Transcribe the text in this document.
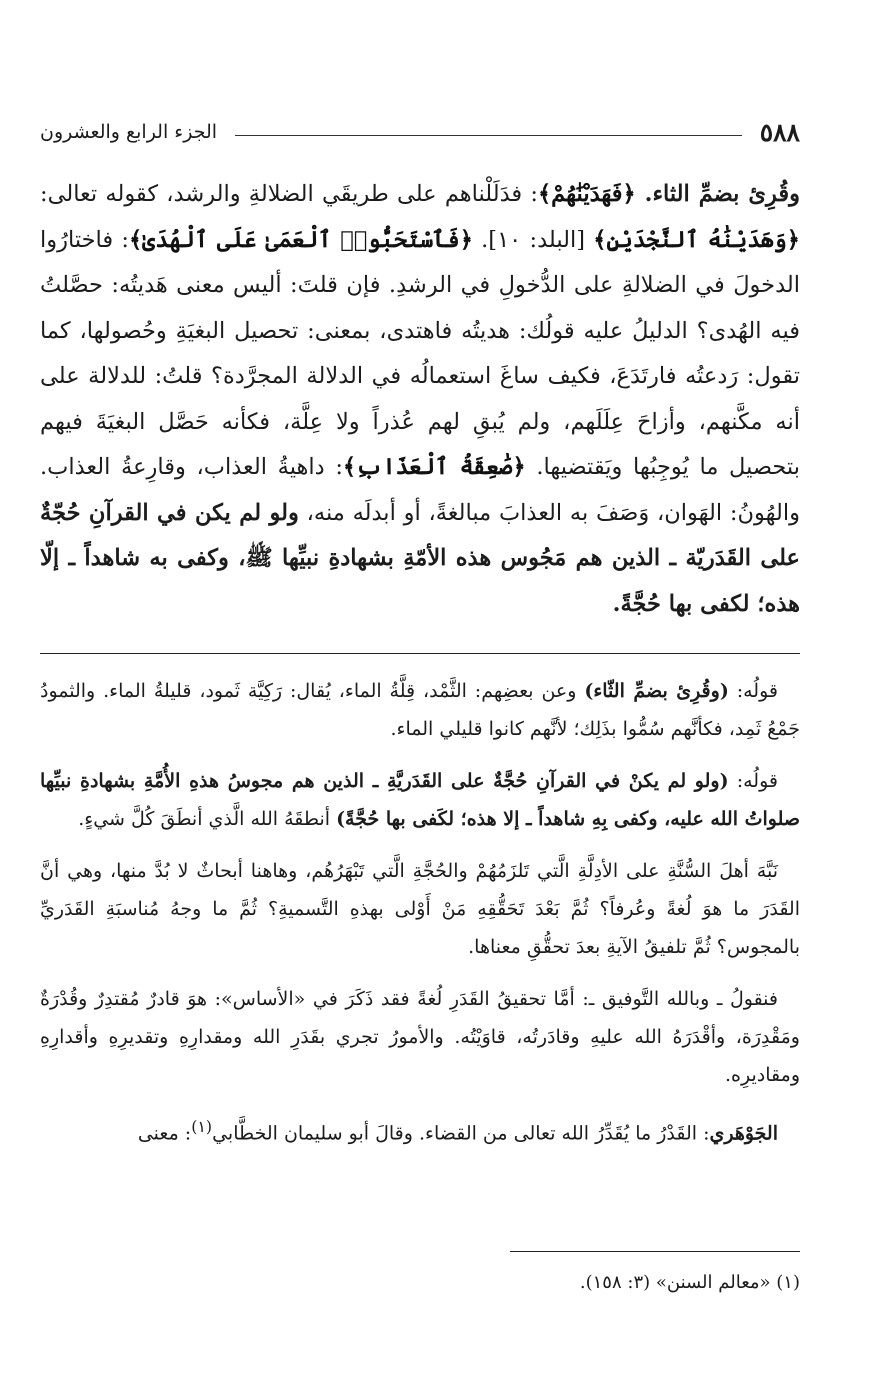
٥٨٨
الجزء الرابع والعشرون

وقُرِئ بضمِّ الثاء. ﴿فَهَدَيْنَٰهُمْ﴾: فدَلَلْناهم على طريقَي الضلالةِ والرشد، كقوله تعالى: ﴿وَهَدَيْنَٰهُ ٱلنَّجْدَيْنِ﴾ [البلد: ١٠]. ﴿فَٱسْتَحَبُّوا۟ ٱلْعَمَىٰ عَلَى ٱلْهُدَىٰ﴾: فاختارُوا الدخولَ في الضلالةِ على الدُّخولِ في الرشدِ. فإن قلتَ: أليس معنى هَديتُه: حصَّلتُ فيه الهُدى؟ الدليلُ عليه قولُك: هديتُه فاهتدى، بمعنى: تحصيل البغيَةِ وحُصولها، كما تقول: رَدعتُه فارتَدَعَ، فكيف ساغَ استعمالُه في الدلالة المجرَّدة؟ قلتُ: للدلالة على أنه مكَّنهم، وأزاحَ عِلَلَهم، ولم يُبقِ لهم عُذراً ولا عِلَّة، فكأنه حَصَّل البغيَةَ فيهم بتحصيل ما يُوجِبُها ويَقتضيها. ﴿صَٰعِقَةُ ٱلْعَذَابِ﴾: داهيةُ العذاب، وقارِعةُ العذاب. والهُونُ: الهَوان، وَصَفَ به العذابَ مبالغةً، أو أبدلَه منه، ولو لم يكن في القرآنِ حُجّةٌ على القَدَريّة ـ الذين هم مَجُوس هذه الأمّةِ بشهادةِ نبيِّها ﷺ، وكفى به شاهداً ـ إلّا هذه؛ لكفى بها حُجَّةً.

قولُه: (وقُرِئ بضمِّ الثّاء) وعن بعضِهم: الثَّمْد، قِلَّةُ الماء، يُقال: رَكِيَّة ثَمود، قليلةُ الماء. والثمودُ جَمْعُ ثَمِد، فكأنَّهم سُمُّوا بذَلِك؛ لأنَّهم كانوا قليلي الماء.

قولُه: (ولو لم يكنْ في القرآنِ حُجَّةٌ على القَدَريَّةِ ـ الذين هم مجوسُ هذهِ الأُمَّةِ بشهادةِ نبيِّها صلواتُ الله عليه، وكفى بِهِ شاهداً ـ إلا هذه؛ لكَفى بها حُجَّةً) أنطقَهُ الله الَّذي أنطَقَ كُلَّ شيءٍ.

نَبَّهَ أهلَ السُّنَّةِ على الأدِلَّةِ الَّتي تَلزَمُهُمْ والحُجَّةِ الَّتي تَبْهَرُهُم، وهاهنا أبحاثٌ لا بُدَّ منها، وهي أنَّ القَدَرَ ما هوَ لُغةً وعُرفاً؟ ثُمَّ بَعْدَ تَحَقُّقِهِ مَنْ أَوْلى بهذهِ التَّسميةِ؟ ثُمَّ ما وجهُ مُناسبَةِ القَدَريِّ بالمجوس؟ ثُمَّ تلفيقُ الآيةِ بعدَ تحقُّقِ معناها.

فنقولُ ـ وبالله التَّوفيق ـ: أمَّا تحقيقُ القَدَرِ لُغةً فقد ذَكَرَ في «الأساس»: هوَ قادرٌ مُقتدِرٌ وقُدْرَةٌ ومَقْدِرَة، وأقْدَرَهُ الله عليهِ وقادَرتُه، قاوَيْتُه. والأمورُ تجري بقَدَرِ الله ومقدارِهِ وتقديرِهِ وأقدارِهِ ومقاديرِه.

الجَوْهَري: القَدْرُ ما يُقَدِّرُ الله تعالى من القضاء. وقالَ أبو سليمان الخطَّابي$^{(١)}$: معنى

(١) «معالم السنن» (٣: ١٥٨).
